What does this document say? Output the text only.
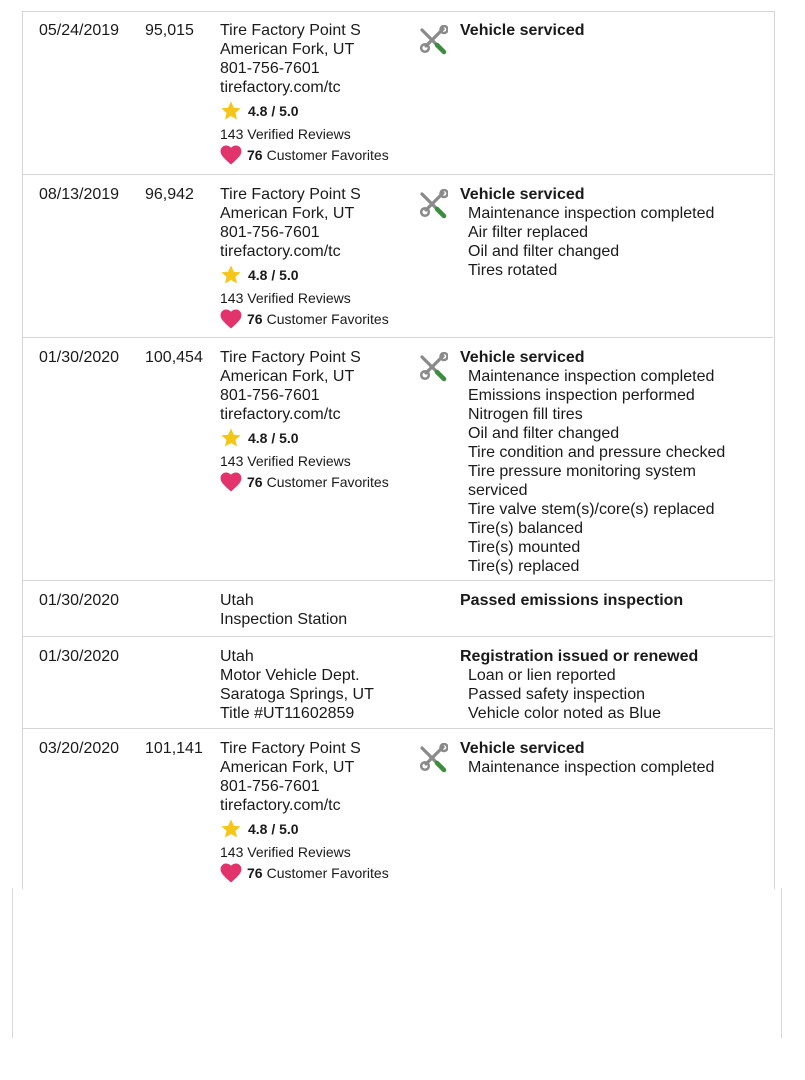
05/24/2019 95,015 Tire Factory Point S
American Fork, UT
801-756-7601
tirefactory.com/tc
4.8 / 5.0
143 Verified Reviews
76 Customer Favorites
Vehicle serviced
08/13/2019 96,942 Tire Factory Point S
American Fork, UT
801-756-7601
tirefactory.com/tc
4.8 / 5.0
143 Verified Reviews
76 Customer Favorites
Vehicle serviced
Maintenance inspection completed
Air filter replaced
Oil and filter changed
Tires rotated
01/30/2020 100,454 Tire Factory Point S
American Fork, UT
801-756-7601
tirefactory.com/tc
4.8 / 5.0
143 Verified Reviews
76 Customer Favorites
Vehicle serviced
Maintenance inspection completed
Emissions inspection performed
Nitrogen fill tires
Oil and filter changed
Tire condition and pressure checked
Tire pressure monitoring system serviced
Tire valve stem(s)/core(s) replaced
Tire(s) balanced
Tire(s) mounted
Tire(s) replaced
01/30/2020	Utah
Inspection Station
Passed emissions inspection
01/30/2020	Utah
Motor Vehicle Dept.
Saratoga Springs, UT
Title #UT11602859
Registration issued or renewed
Loan or lien reported
Passed safety inspection
Vehicle color noted as Blue
03/20/2020 101,141 Tire Factory Point S
American Fork, UT
801-756-7601
tirefactory.com/tc
4.8 / 5.0
143 Verified Reviews
76 Customer Favorites
Vehicle serviced
Maintenance inspection completed
